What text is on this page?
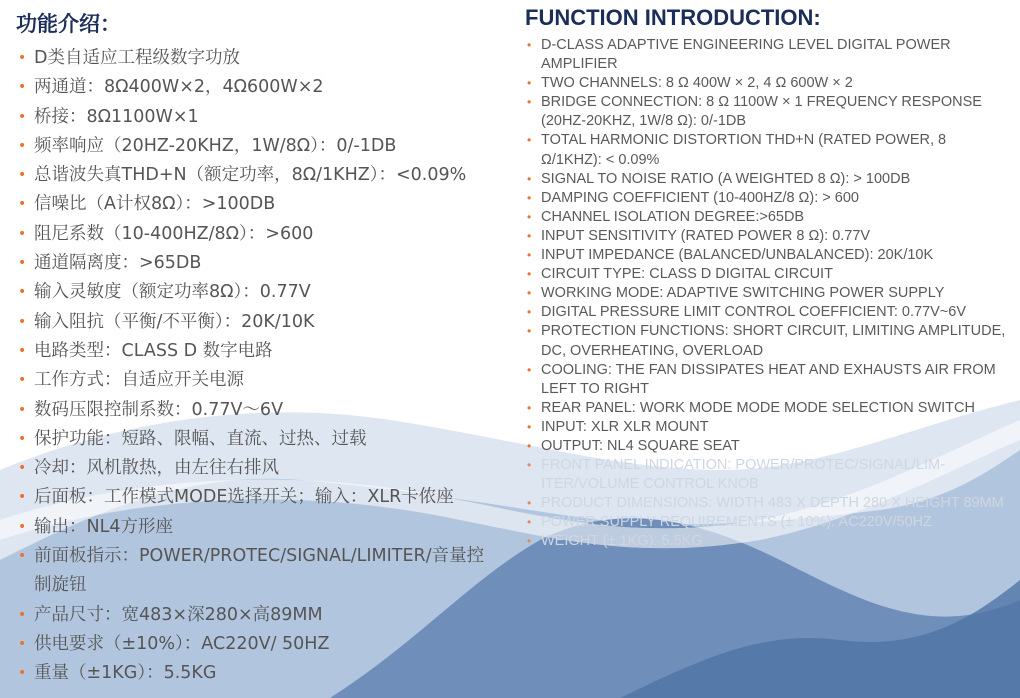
功能介绍：
• D类自适应工程级数字功放
• 两通道：8Ω400W×2，4Ω600W×2
• 桥接：8Ω1100W×1
• 频率响应（20HZ-20KHZ，1W/8Ω）：0/-1DB
• 总谐波失真THD+N（额定功率，8Ω/1KHZ）：<0.09%
• 信噪比（A计权8Ω）：>100DB
• 阻尼系数（10-400HZ/8Ω）：>600
• 通道隔离度：>65DB
• 输入灵敏度（额定功率8Ω）：0.77V
• 输入阻抗（平衡/不平衡）：20K/10K
• 电路类型：CLASS D 数字电路
• 工作方式：自适应开关电源
• 数码压限控制系数：0.77V～6V
• 保护功能：短路、限幅、直流、过热、过载
• 冷却：风机散热，由左往右排风
• 后面板：工作模式MODE选择开关；输入：XLR卡侬座
• 输出：NL4方形座
• 前面板指示：POWER/PROTEC/SIGNAL/LIMITER/音量控制旋钮
• 产品尺寸：宽483×深280×高89MM
• 供电要求（±10%）：AC220V/ 50HZ
• 重量（±1KG）：5.5KG
FUNCTION INTRODUCTION:
• D-CLASS ADAPTIVE ENGINEERING LEVEL DIGITAL POWER AMPLIFIER
• TWO CHANNELS: 8 Ω 400W × 2, 4 Ω 600W × 2
• BRIDGE CONNECTION: 8 Ω 1100W × 1 FREQUENCY RESPONSE (20HZ-20KHZ, 1W/8 Ω): 0/-1DB
• TOTAL HARMONIC DISTORTION THD+N (RATED POWER, 8 Ω/1KHZ): < 0.09%
• SIGNAL TO NOISE RATIO (A WEIGHTED 8 Ω): > 100DB
• DAMPING COEFFICIENT (10-400HZ/8 Ω): > 600
• CHANNEL ISOLATION DEGREE:>65DB
• INPUT SENSITIVITY (RATED POWER 8 Ω): 0.77V
• INPUT IMPEDANCE (BALANCED/UNBALANCED): 20K/10K
• CIRCUIT TYPE: CLASS D DIGITAL CIRCUIT
• WORKING MODE: ADAPTIVE SWITCHING POWER SUPPLY
• DIGITAL PRESSURE LIMIT CONTROL COEFFICIENT: 0.77V~6V
• PROTECTION FUNCTIONS: SHORT CIRCUIT, LIMITING AMPLITUDE, DC, OVERHEATING, OVERLOAD
• COOLING: THE FAN DISSIPATES HEAT AND EXHAUSTS AIR FROM LEFT TO RIGHT
• REAR PANEL: WORK MODE MODE MODE SELECTION SWITCH
• INPUT: XLR XLR MOUNT
• OUTPUT: NL4 SQUARE SEAT
• FRONT PANEL INDICATION: POWER/PROTEC/SIGNAL/LIM-ITER/VOLUME CONTROL KNOB
• PRODUCT DIMENSIONS: WIDTH 483 X DEPTH 280 X HEIGHT 89MM
• POWER SUPPLY REQUIREMENTS (± 10%): AC220V/50HZ
• WEIGHT (± 1KG): 5.5KG
